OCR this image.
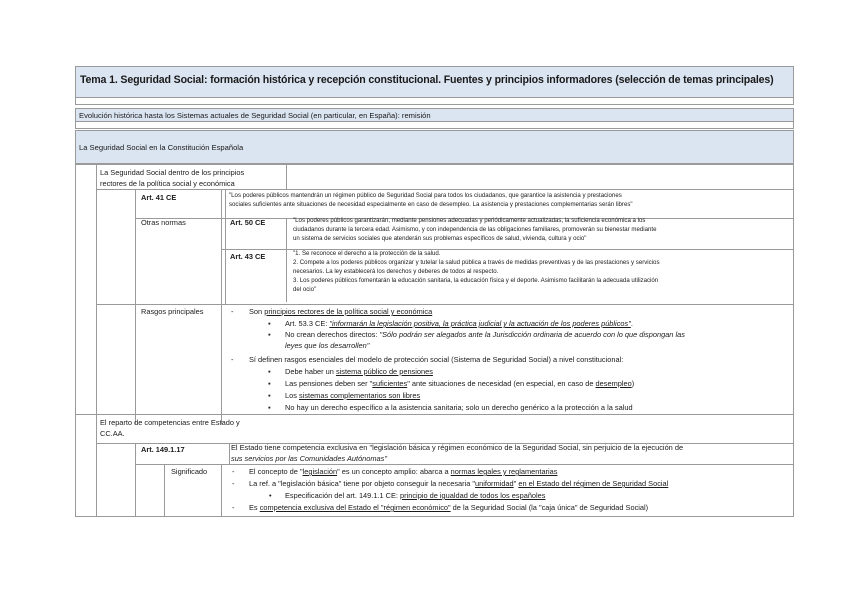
Tema 1. Seguridad Social: formación histórica y recepción constitucional. Fuentes y principios informadores (selección de temas principales)
Evolución histórica hasta los Sistemas actuales de Seguridad Social (en particular, en España): remisión
La Seguridad Social en la Constitución Española
La Seguridad Social dentro de los principios
rectores de la política social y económica
Art. 41 CE	"Los poderes públicos mantendrán un régimen público de Seguridad Social para todos los ciudadanos, que garantice la asistencia y prestaciones
sociales suficientes ante situaciones de necesidad especialmente en caso de desempleo. La asistencia y prestaciones complementarias serán libres"
Otras normas	Art. 50 CE	"Los poderes públicos garantizarán, mediante pensiones adecuadas y periódicamente actualizadas, la suficiencia económica a los
ciudadanos durante la tercera edad. Asimismo, y con independencia de las obligaciones familiares, promoverán su bienestar mediante
un sistema de servicios sociales que atenderán sus problemas específicos de salud, vivienda, cultura y ocio"
Art. 43 CE	"1. Se reconoce el derecho a la protección de la salud.
2. Compete a los poderes públicos organizar y tutelar la salud pública a través de medidas preventivas y de las prestaciones y servicios
necesarios. La ley establecerá los derechos y deberes de todos al respecto.
3. Los poderes públicos fomentarán la educación sanitaria, la educación física y el deporte. Asimismo facilitarán la adecuada utilización
del ocio"
Rasgos principales	- Son principios rectores de la política social y económica
▪ Art. 53.3 CE: "informarán la legislación positiva, la práctica judicial y la actuación de los poderes públicos".
▪ No crean derechos directos: "Sólo podrán ser alegados ante la Jurisdicción ordinaria de acuerdo con lo que dispongan las
leyes que los desarrollen"
- Sí definen rasgos esenciales del modelo de protección social (Sistema de Seguridad Social) a nivel constitucional:
▪ Debe haber un sistema público de pensiones
▪ Las pensiones deben ser "suficientes" ante situaciones de necesidad (en especial, en caso de desempleo)
▪ Los sistemas complementarios son libres
▪ No hay un derecho específico a la asistencia sanitaria; solo un derecho genérico a la protección a la salud
El reparto de competencias entre Estado y
CC.AA.
Art. 149.1.17	El Estado tiene competencia exclusiva en "legislación básica y régimen económico de la Seguridad Social, sin perjuicio de la ejecución de
sus servicios por las Comunidades Autónomas"
Significado	- El concepto de "legislación" es un concepto amplio: abarca a normas legales y reglamentarias
- La ref. a "legislación básica" tiene por objeto conseguir la necesaria "uniformidad" en el Estado del régimen de Seguridad Social
• Especificación del art. 149.1.1 CE: principio de igualdad de todos los españoles
- Es competencia exclusiva del Estado el "régimen económico" de la Seguridad Social (la "caja única" de Seguridad Social)
